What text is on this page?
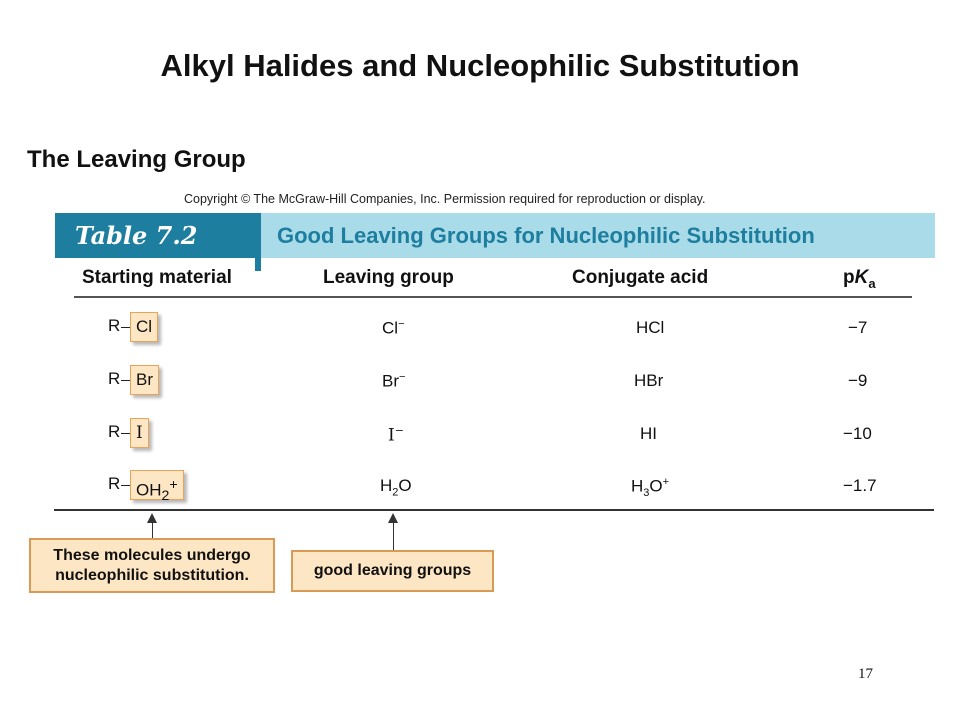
Alkyl Halides and Nucleophilic Substitution
The Leaving Group
Copyright © The McGraw-Hill Companies, Inc. Permission required for reproduction or display.
Table 7.2	Good Leaving Groups for Nucleophilic Substitution
Starting material	Leaving group	Conjugate acid	$pK_a$
R Cl	Cl−	HCl	−7
R Br	Br−	HBr	−9
R I	I−	HI	−10
R $OH_2^+$	$H_2O$	$H_3O^+$	−1.7
These molecules undergo
nucleophilic substitution.	good leaving groups
17
